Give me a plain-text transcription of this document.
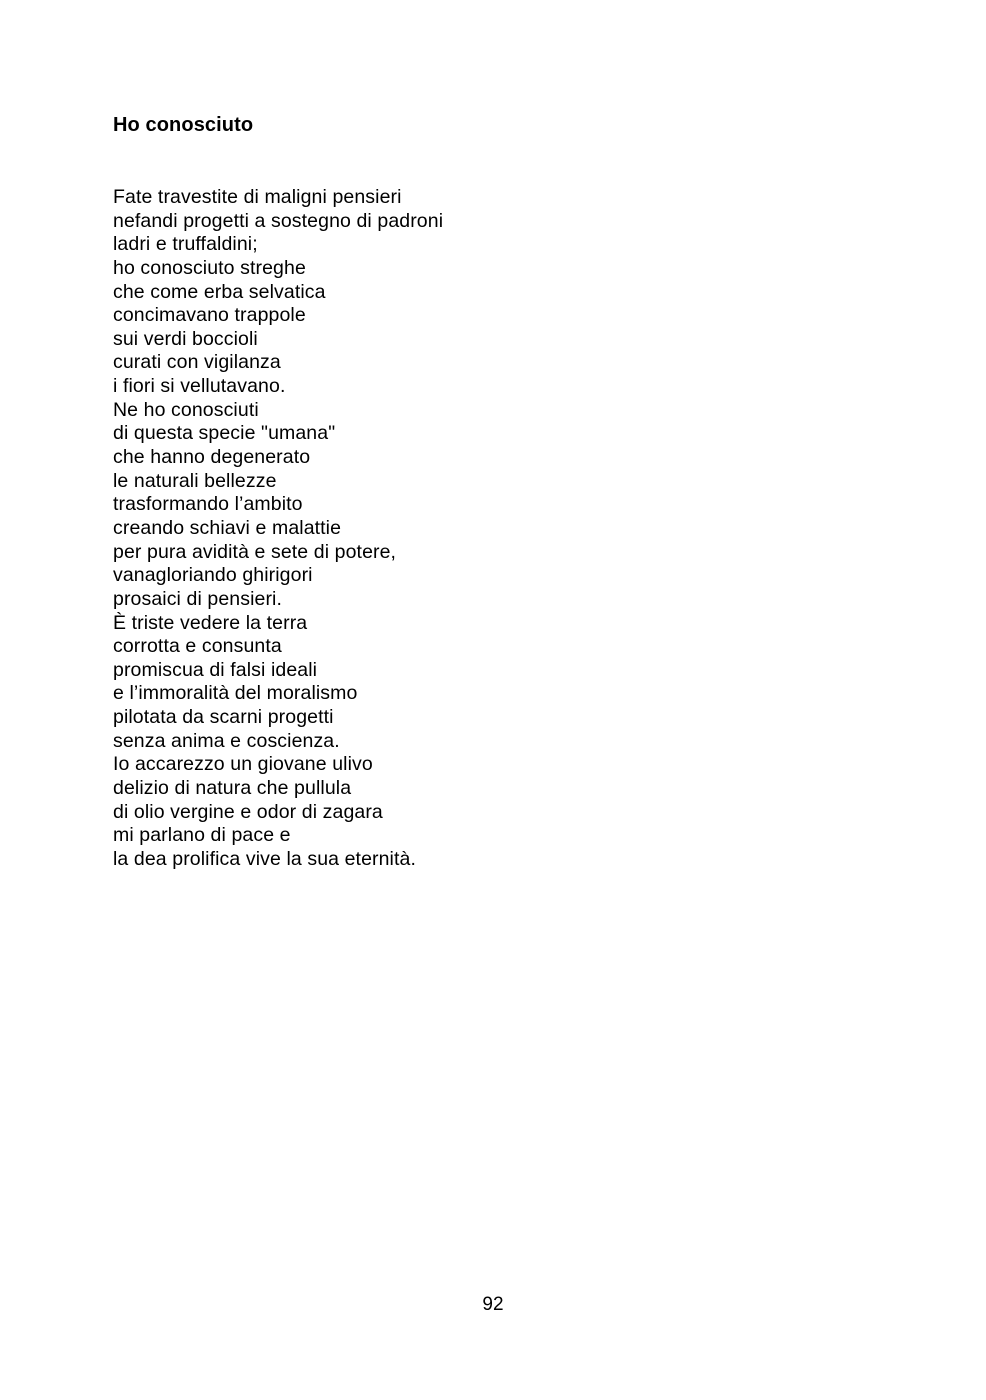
Ho conosciuto
Fate travestite di maligni pensieri
nefandi progetti a sostegno di padroni
ladri e truffaldini;
ho conosciuto streghe
che come erba selvatica
concimavano trappole
sui verdi boccioli
curati con vigilanza
i fiori si vellutavano.
Ne ho conosciuti
di questa specie "umana"
che hanno degenerato
le naturali bellezze
trasformando l’ambito
creando schiavi e malattie
per pura avidità e sete di potere,
vanagloriando ghirigori
prosaici di pensieri.
È triste vedere la terra
corrotta e consunta
promiscua di falsi ideali
e l’immoralità del moralismo
pilotata da scarni progetti
senza anima e coscienza.
Io accarezzo un giovane ulivo
delizio di natura che pullula
di olio vergine e odor di zagara
mi parlano di pace e
la dea prolifica vive la sua eternità.

92
